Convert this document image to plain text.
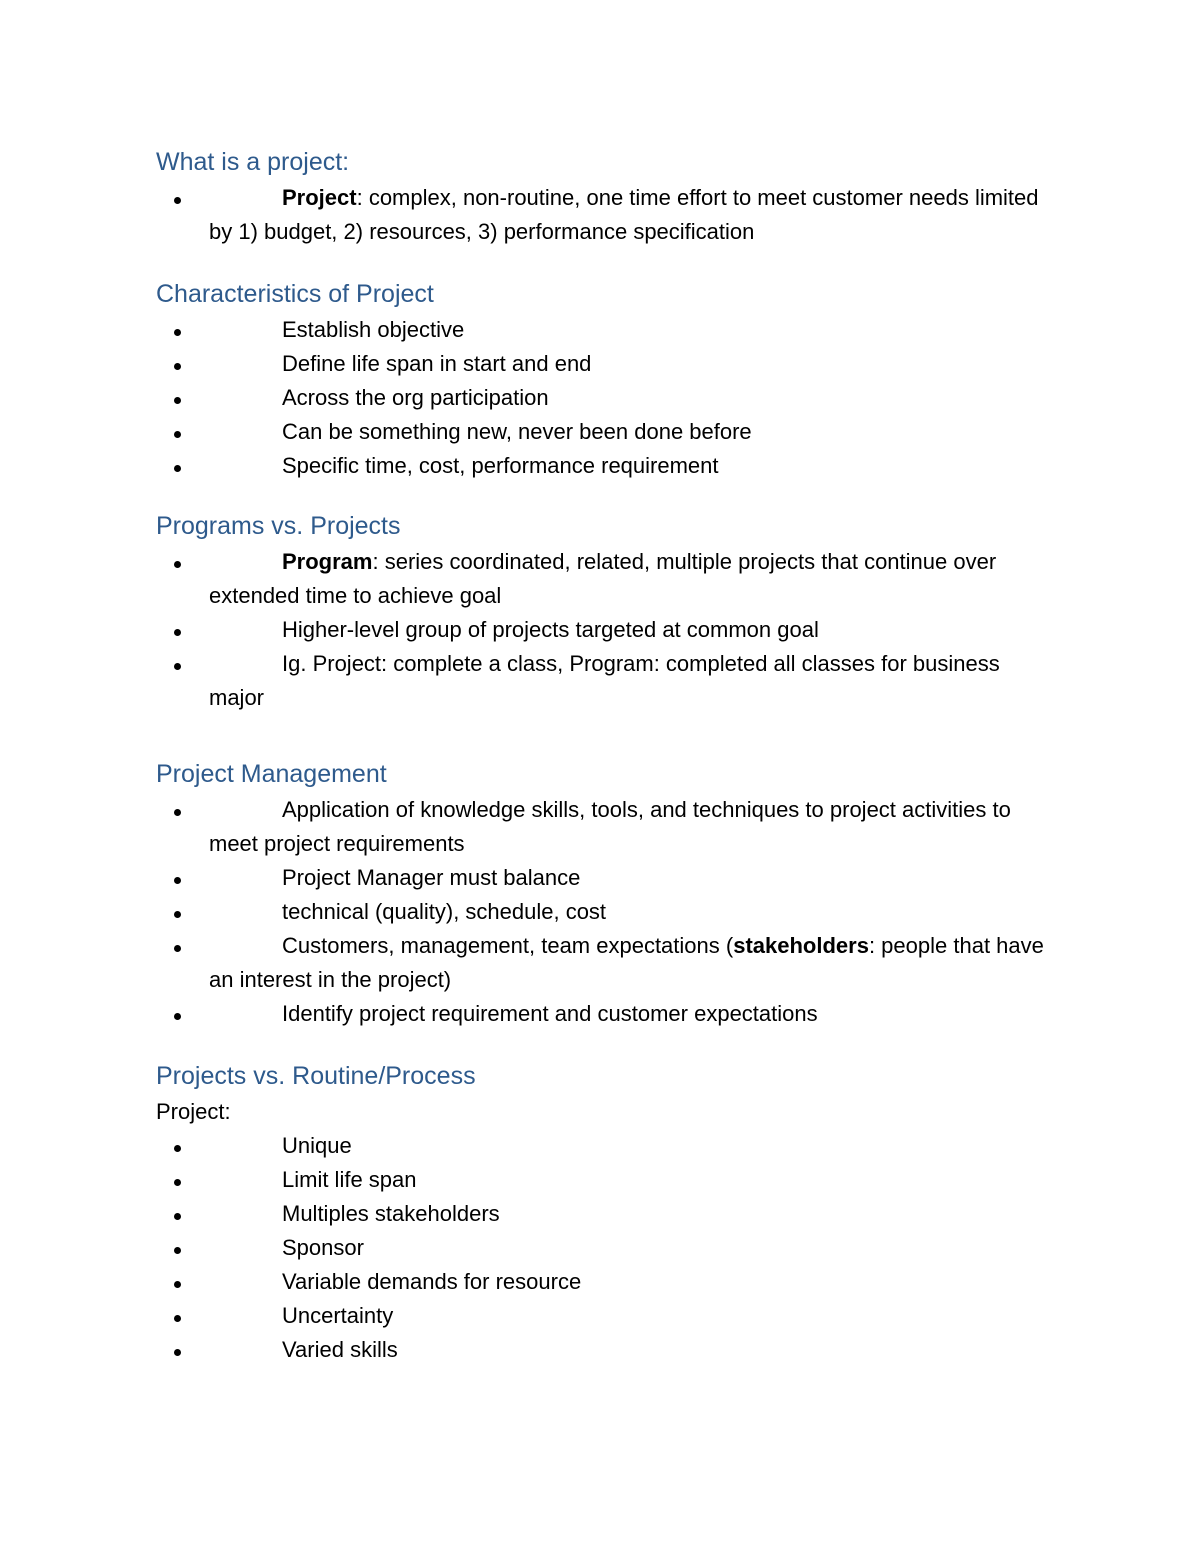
What is a project:
Project: complex, non-routine, one time effort to meet customer needs limited by 1) budget, 2) resources, 3) performance specification
Characteristics of Project
Establish objective
Define life span in start and end
Across the org participation
Can be something new, never been done before
Specific time, cost, performance requirement
Programs vs. Projects
Program: series coordinated, related, multiple projects that continue over extended time to achieve goal
Higher-level group of projects targeted at common goal
Ig. Project: complete a class, Program: completed all classes for business major
Project Management
Application of knowledge skills, tools, and techniques to project activities to meet project requirements
Project Manager must balance
technical (quality), schedule, cost
Customers, management, team expectations (stakeholders: people that have an interest in the project)
Identify project requirement and customer expectations
Projects vs. Routine/Process

Project:

Unique
Limit life span
Multiples stakeholders
Sponsor
Variable demands for resource
Uncertainty
Varied skills
